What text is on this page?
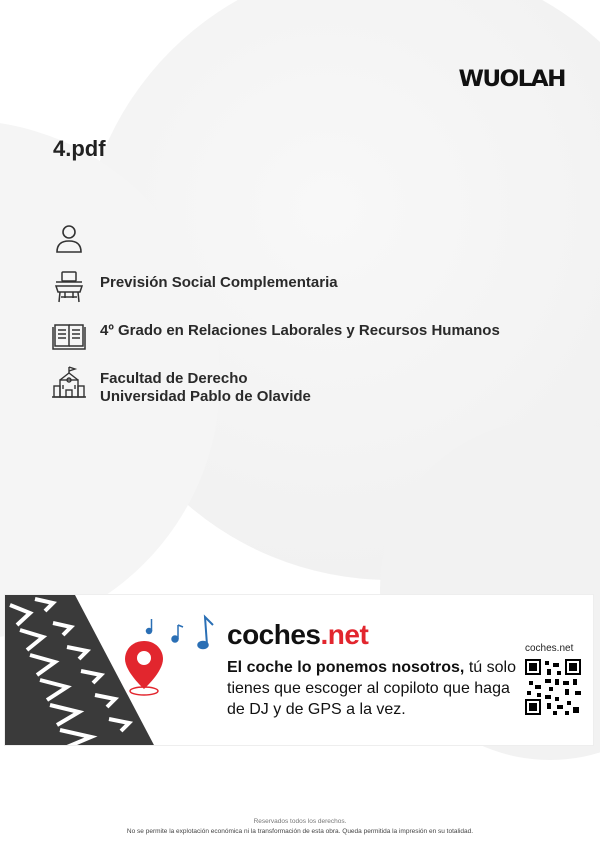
WUOLAH
4.pdf
Previsión Social Complementaria
4º Grado en Relaciones Laborales y Recursos Humanos
Facultad de Derecho
Universidad Pablo de Olavide
coches.net
El coche lo ponemos nosotros, tú solo tienes que escoger al copiloto que haga de DJ y de GPS a la vez.
coches.net
Reservados todos los derechos.
No se permite la explotación económica ni la transformación de esta obra. Queda permitida la impresión en su totalidad.
